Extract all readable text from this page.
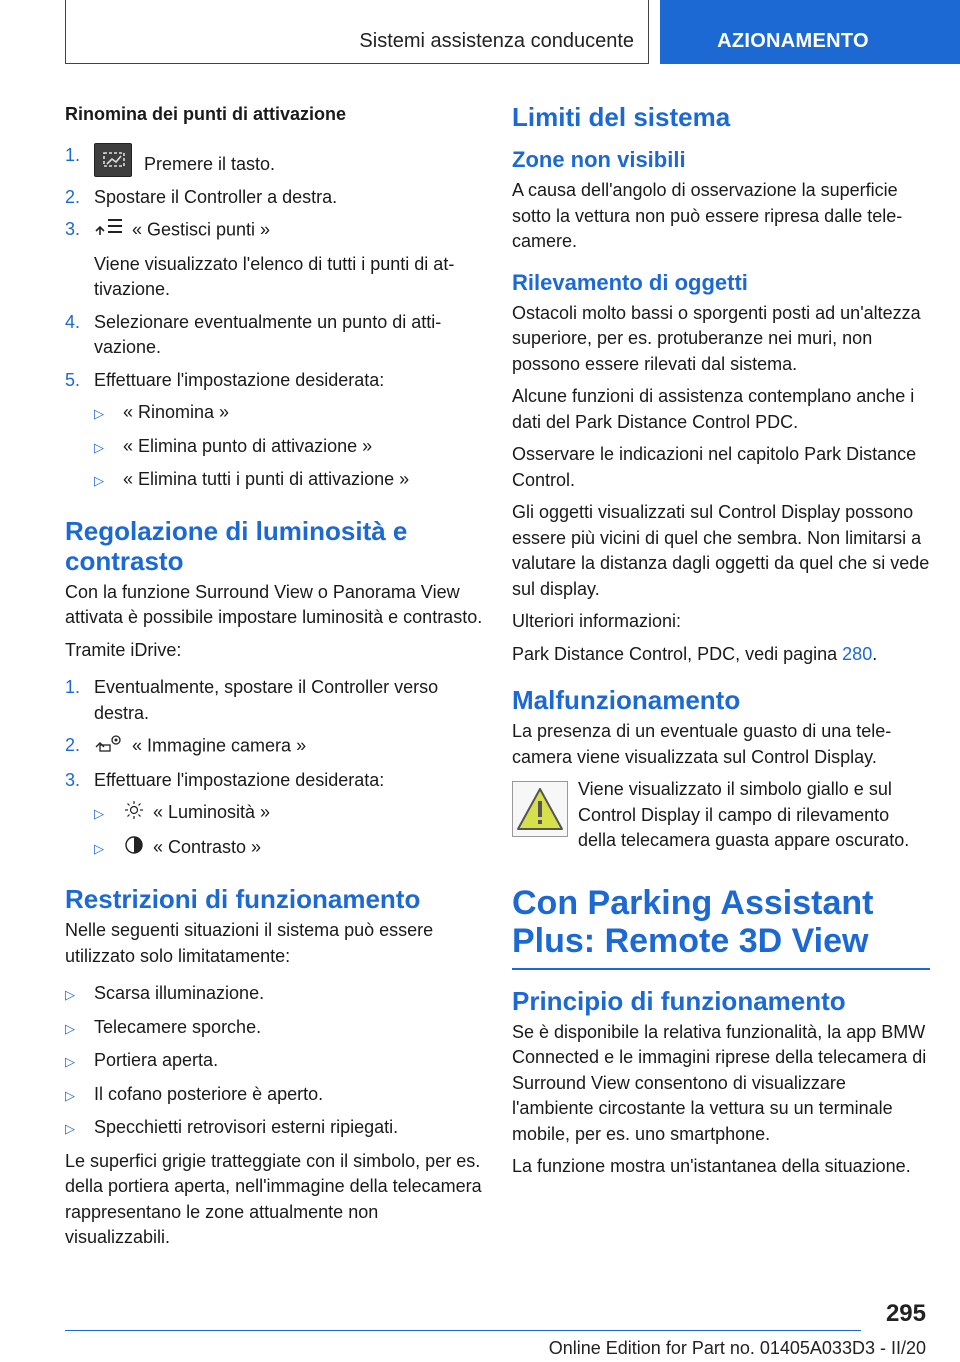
Sistemi assistenza conducente	AZIONAMENTO
Rinomina dei punti di attivazione
1.	Premere il tasto.
2. Spostare il Controller a destra.
3.	« Gestisci punti »
Viene visualizzato l'elenco di tutti i punti di attivazione.
4. Selezionare eventualmente un punto di attivazione.
5. Effettuare l'impostazione desiderata:
▷	« Rinomina »
▷	« Elimina punto di attivazione »
▷	« Elimina tutti i punti di attivazione »
Regolazione di luminosità e contrasto
Con la funzione Surround View o Panorama View attivata è possibile impostare luminosità e contrasto.
Tramite iDrive:
1. Eventualmente, spostare il Controller verso destra.
2.	« Immagine camera »
3. Effettuare l'impostazione desiderata:
▷	« Luminosità »
▷	« Contrasto »
Restrizioni di funzionamento
Nelle seguenti situazioni il sistema può essere utilizzato solo limitatamente:
▷	Scarsa illuminazione.
▷	Telecamere sporche.
▷	Portiera aperta.
▷	Il cofano posteriore è aperto.
▷	Specchietti retrovisori esterni ripiegati.
Le superfici grigie tratteggiate con il simbolo, per es. della portiera aperta, nell'immagine della telecamera rappresentano le zone attualmente non visualizzabili.
Limiti del sistema
Zone non visibili
A causa dell'angolo di osservazione la superficie sotto la vettura non può essere ripresa dalle telecamere.
Rilevamento di oggetti
Ostacoli molto bassi o sporgenti posti ad un'altezza superiore, per es. protuberanze nei muri, non possono essere rilevati dal sistema.
Alcune funzioni di assistenza contemplano anche i dati del Park Distance Control PDC.
Osservare le indicazioni nel capitolo Park Distance Control.
Gli oggetti visualizzati sul Control Display possono essere più vicini di quel che sembra. Non limitarsi a valutare la distanza dagli oggetti da quel che si vede sul display.
Ulteriori informazioni:
Park Distance Control, PDC, vedi pagina 280.
Malfunzionamento
La presenza di un eventuale guasto di una telecamera viene visualizzata sul Control Display.
Viene visualizzato il simbolo giallo e sul Control Display il campo di rilevamento della telecamera guasta appare oscurato.
Con Parking Assistant Plus: Remote 3D View
Principio di funzionamento
Se è disponibile la relativa funzionalità, la app BMW Connected e le immagini riprese della telecamera di Surround View consentono di visualizzare l'ambiente circostante la vettura su un terminale mobile, per es. uno smartphone.
La funzione mostra un'istantanea della situazione.
295
Online Edition for Part no. 01405A033D3 - II/20
